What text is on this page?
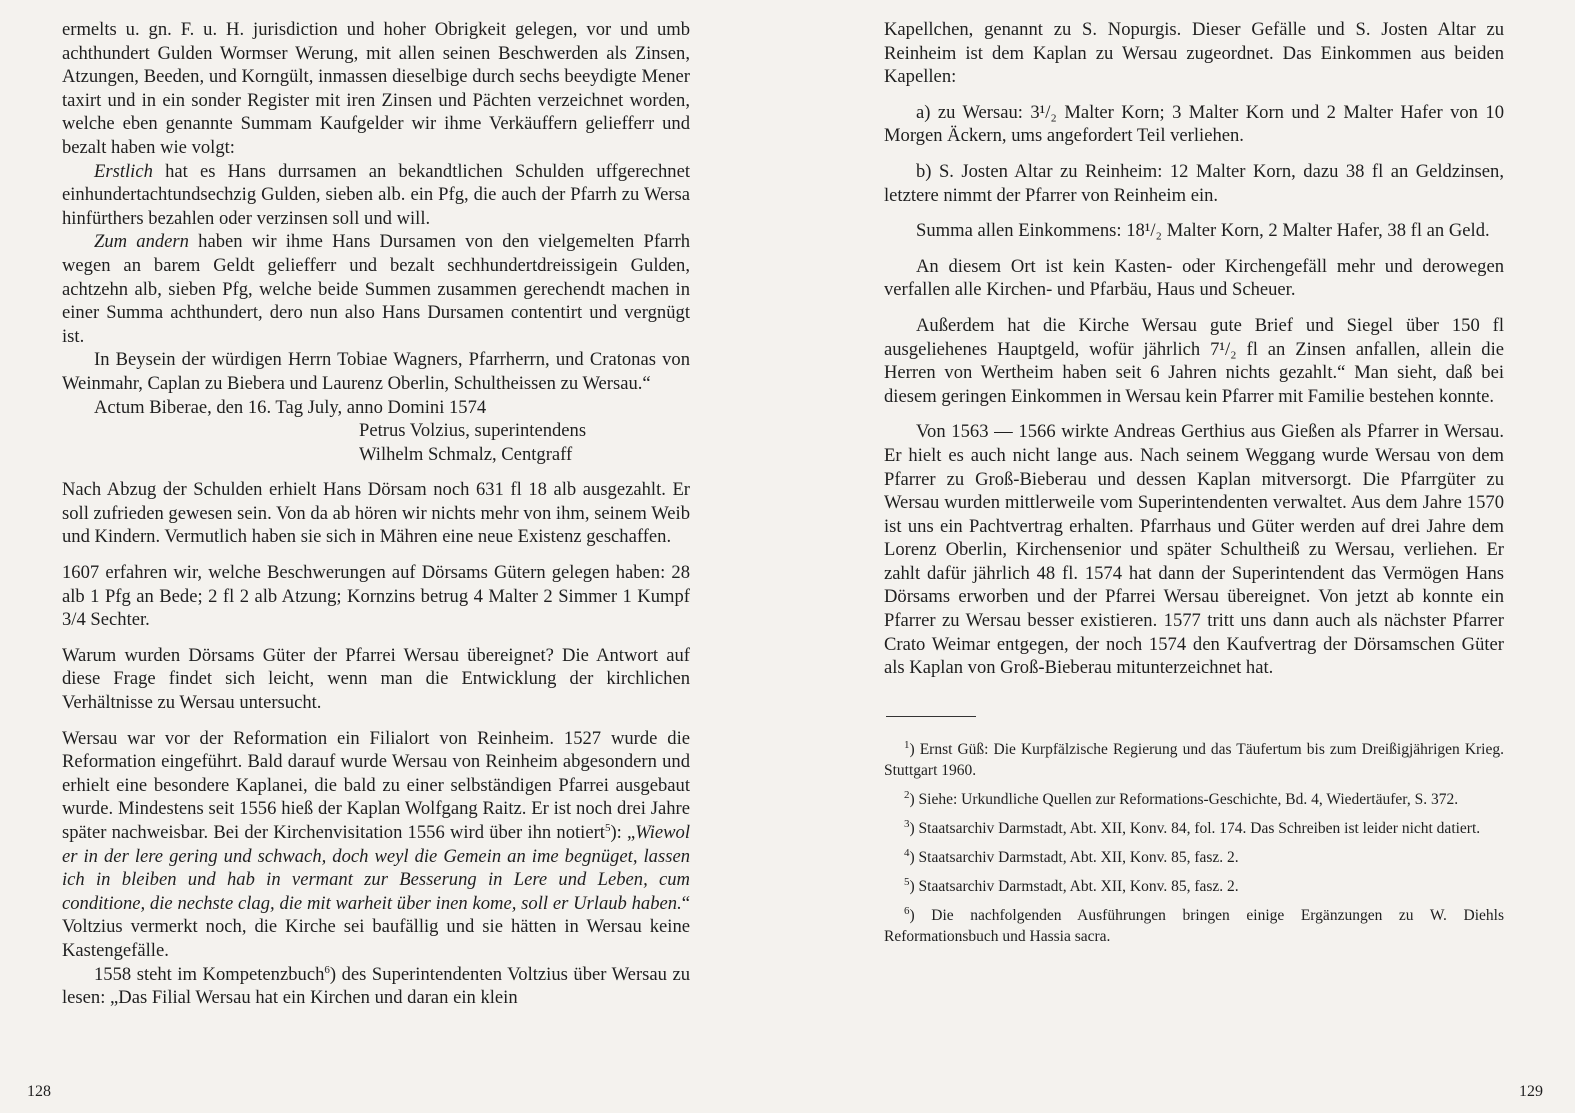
ermelts u. gn. F. u. H. jurisdiction und hoher Obrigkeit gelegen, vor und umb achthundert Gulden Wormser Werung, mit allen seinen Beschwerden als Zinsen, Atzungen, Beeden, und Korngült, inmassen dieselbige durch sechs beeydigte Mener taxirt und in ein sonder Register mit iren Zinsen und Pächten verzeichnet worden, welche eben genannte Summam Kaufgelder wir ihme Verkäuffern geliefferr und bezalt haben wie volgt:

Erstlich hat es Hans durrsamen an bekandtlichen Schulden uffgerechnet einhundertachtundsechzig Gulden, sieben alb. ein Pfg, die auch der Pfarrh zu Wersa hinfürthers bezahlen oder verzinsen soll und will.

Zum andern haben wir ihme Hans Dursamen von den vielgemelten Pfarrh wegen an barem Geldt geliefferr und bezalt sechhundertdreissigein Gulden, achtzehn alb, sieben Pfg, welche beide Summen zusammen gerechendt machen in einer Summa achthundert, dero nun also Hans Dursamen contentirt und vergnügt ist.

In Beysein der würdigen Herrn Tobiae Wagners, Pfarrherrn, und Cratonas von Weinmahr, Caplan zu Biebera und Laurenz Oberlin, Schultheissen zu Wersau.“

Actum Biberae, den 16. Tag July, anno Domini 1574

Petrus Volzius, superintendens

Wilhelm Schmalz, Centgraff

Nach Abzug der Schulden erhielt Hans Dörsam noch 631 fl 18 alb ausgezahlt. Er soll zufrieden gewesen sein. Von da ab hören wir nichts mehr von ihm, seinem Weib und Kindern. Vermutlich haben sie sich in Mähren eine neue Existenz geschaffen.

1607 erfahren wir, welche Beschwerungen auf Dörsams Gütern gelegen haben: 28 alb 1 Pfg an Bede; 2 fl 2 alb Atzung; Kornzins betrug 4 Malter 2 Simmer 1 Kumpf 3/4 Sechter.

Warum wurden Dörsams Güter der Pfarrei Wersau übereignet? Die Antwort auf diese Frage findet sich leicht, wenn man die Entwicklung der kirchlichen Verhältnisse zu Wersau untersucht.

Wersau war vor der Reformation ein Filialort von Reinheim. 1527 wurde die Reformation eingeführt. Bald darauf wurde Wersau von Reinheim abgesondern und erhielt eine besondere Kaplanei, die bald zu einer selbständigen Pfarrei ausgebaut wurde. Mindestens seit 1556 hieß der Kaplan Wolfgang Raitz. Er ist noch drei Jahre später nachweisbar. Bei der Kirchenvisitation 1556 wird über ihn notiert$^5$): „Wiewol er in der lere gering und schwach, doch weyl die Gemein an ime begnüget, lassen ich in bleiben und hab in vermant zur Besserung in Lere und Leben, cum conditione, die nechste clag, die mit warheit über inen kome, soll er Urlaub haben.“ Voltzius vermerkt noch, die Kirche sei baufällig und sie hätten in Wersau keine Kastengefälle.

1558 steht im Kompetenzbuch$^6$) des Superintendenten Voltzius über Wersau zu lesen: „Das Filial Wersau hat ein Kirchen und daran ein klein

128

Kapellchen, genannt zu S. Nopurgis. Dieser Gefälle und S. Josten Altar zu Reinheim ist dem Kaplan zu Wersau zugeordnet. Das Einkommen aus beiden Kapellen:

a) zu Wersau: 3¹/₂ Malter Korn; 3 Malter Korn und 2 Malter Hafer von 10 Morgen Äckern, ums angefordert Teil verliehen.

b) S. Josten Altar zu Reinheim: 12 Malter Korn, dazu 38 fl an Geldzinsen, letztere nimmt der Pfarrer von Reinheim ein.

Summa allen Einkommens: 18¹/₂ Malter Korn, 2 Malter Hafer, 38 fl an Geld.

An diesem Ort ist kein Kasten- oder Kirchengefäll mehr und derowegen verfallen alle Kirchen- und Pfarbäu, Haus und Scheuer.

Außerdem hat die Kirche Wersau gute Brief und Siegel über 150 fl ausgeliehenes Hauptgeld, wofür jährlich 7¹/₂ fl an Zinsen anfallen, allein die Herren von Wertheim haben seit 6 Jahren nichts gezahlt.“ Man sieht, daß bei diesem geringen Einkommen in Wersau kein Pfarrer mit Familie bestehen konnte.

Von 1563 — 1566 wirkte Andreas Gerthius aus Gießen als Pfarrer in Wersau. Er hielt es auch nicht lange aus. Nach seinem Weggang wurde Wersau von dem Pfarrer zu Groß-Bieberau und dessen Kaplan mitversorgt. Die Pfarrgüter zu Wersau wurden mittlerweile vom Superintendenten verwaltet. Aus dem Jahre 1570 ist uns ein Pachtvertrag erhalten. Pfarrhaus und Güter werden auf drei Jahre dem Lorenz Oberlin, Kirchensenior und später Schultheiß zu Wersau, verliehen. Er zahlt dafür jährlich 48 fl. 1574 hat dann der Superintendent das Vermögen Hans Dörsams erworben und der Pfarrei Wersau übereignet. Von jetzt ab konnte ein Pfarrer zu Wersau besser existieren. 1577 tritt uns dann auch als nächster Pfarrer Crato Weimar entgegen, der noch 1574 den Kaufvertrag der Dörsamschen Güter als Kaplan von Groß-Bieberau mitunterzeichnet hat.

$^1$) Ernst Güß: Die Kurpfälzische Regierung und das Täufertum bis zum Dreißigjährigen Krieg. Stuttgart 1960.

$^2$) Siehe: Urkundliche Quellen zur Reformations-Geschichte, Bd. 4, Wiedertäufer, S. 372.

$^3$) Staatsarchiv Darmstadt, Abt. XII, Konv. 84, fol. 174. Das Schreiben ist leider nicht datiert.

$^4$) Staatsarchiv Darmstadt, Abt. XII, Konv. 85, fasz. 2.

$^5$) Staatsarchiv Darmstadt, Abt. XII, Konv. 85, fasz. 2.

$^6$) Die nachfolgenden Ausführungen bringen einige Ergänzungen zu W. Diehls Reformationsbuch und Hassia sacra.

129
